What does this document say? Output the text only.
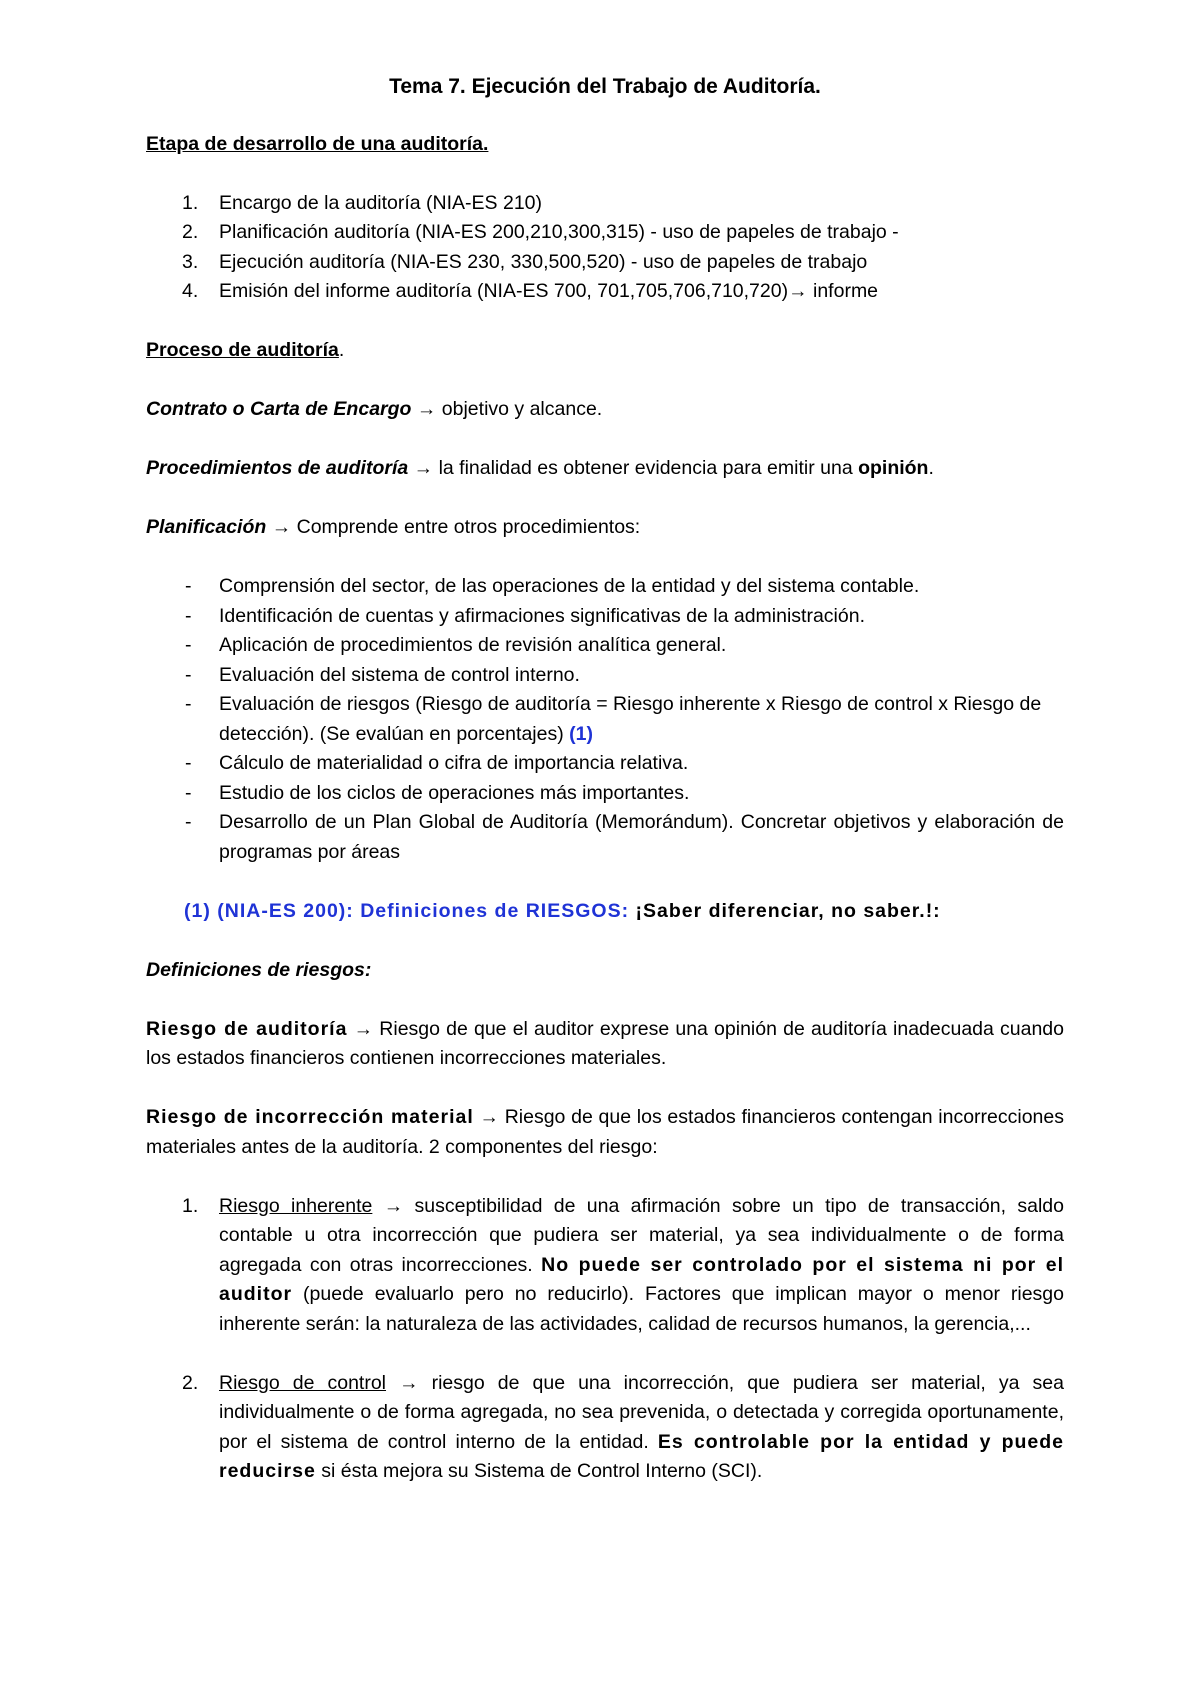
Tema 7. Ejecución del Trabajo de Auditoría.
Etapa de desarrollo de una auditoría.
1. Encargo de la auditoría (NIA-ES 210)
2. Planificación auditoría (NIA-ES 200,210,300,315) - uso de papeles de trabajo -
3. Ejecución auditoría (NIA-ES 230, 330,500,520) - uso de papeles de trabajo
4. Emisión del informe auditoría (NIA-ES 700, 701,705,706,710,720)→ informe

Proceso de auditoría.

Contrato o Carta de Encargo → objetivo y alcance.

Procedimientos de auditoría → la finalidad es obtener evidencia para emitir una opinión.

Planificación → Comprende entre otros procedimientos:

- Comprensión del sector, de las operaciones de la entidad y del sistema contable.
- Identificación de cuentas y afirmaciones significativas de la administración.
- Aplicación de procedimientos de revisión analítica general.
- Evaluación del sistema de control interno.
- Evaluación de riesgos (Riesgo de auditoría = Riesgo inherente x Riesgo de control x Riesgo de detección). (Se evalúan en porcentajes) (1)
- Cálculo de materialidad o cifra de importancia relativa.
- Estudio de los ciclos de operaciones más importantes.
- Desarrollo de un Plan Global de Auditoría (Memorándum). Concretar objetivos y elaboración de programas por áreas

(1) (NIA-ES 200): Definiciones de RIESGOS: ¡Saber diferenciar, no saber.!:

Definiciones de riesgos:

Riesgo de auditoría → Riesgo de que el auditor exprese una opinión de auditoría inadecuada cuando los estados financieros contienen incorrecciones materiales.

Riesgo de incorrección material → Riesgo de que los estados financieros contengan incorrecciones materiales antes de la auditoría. 2 componentes del riesgo:

1. Riesgo inherente → susceptibilidad de una afirmación sobre un tipo de transacción, saldo contable u otra incorrección que pudiera ser material, ya sea individualmente o de forma agregada con otras incorrecciones. No puede ser controlado por el sistema ni por el auditor (puede evaluarlo pero no reducirlo). Factores que implican mayor o menor riesgo inherente serán: la naturaleza de las actividades, calidad de recursos humanos, la gerencia,...
2. Riesgo de control → riesgo de que una incorrección, que pudiera ser material, ya sea individualmente o de forma agregada, no sea prevenida, o detectada y corregida oportunamente, por el sistema de control interno de la entidad. Es controlable por la entidad y puede reducirse si ésta mejora su Sistema de Control Interno (SCI).
